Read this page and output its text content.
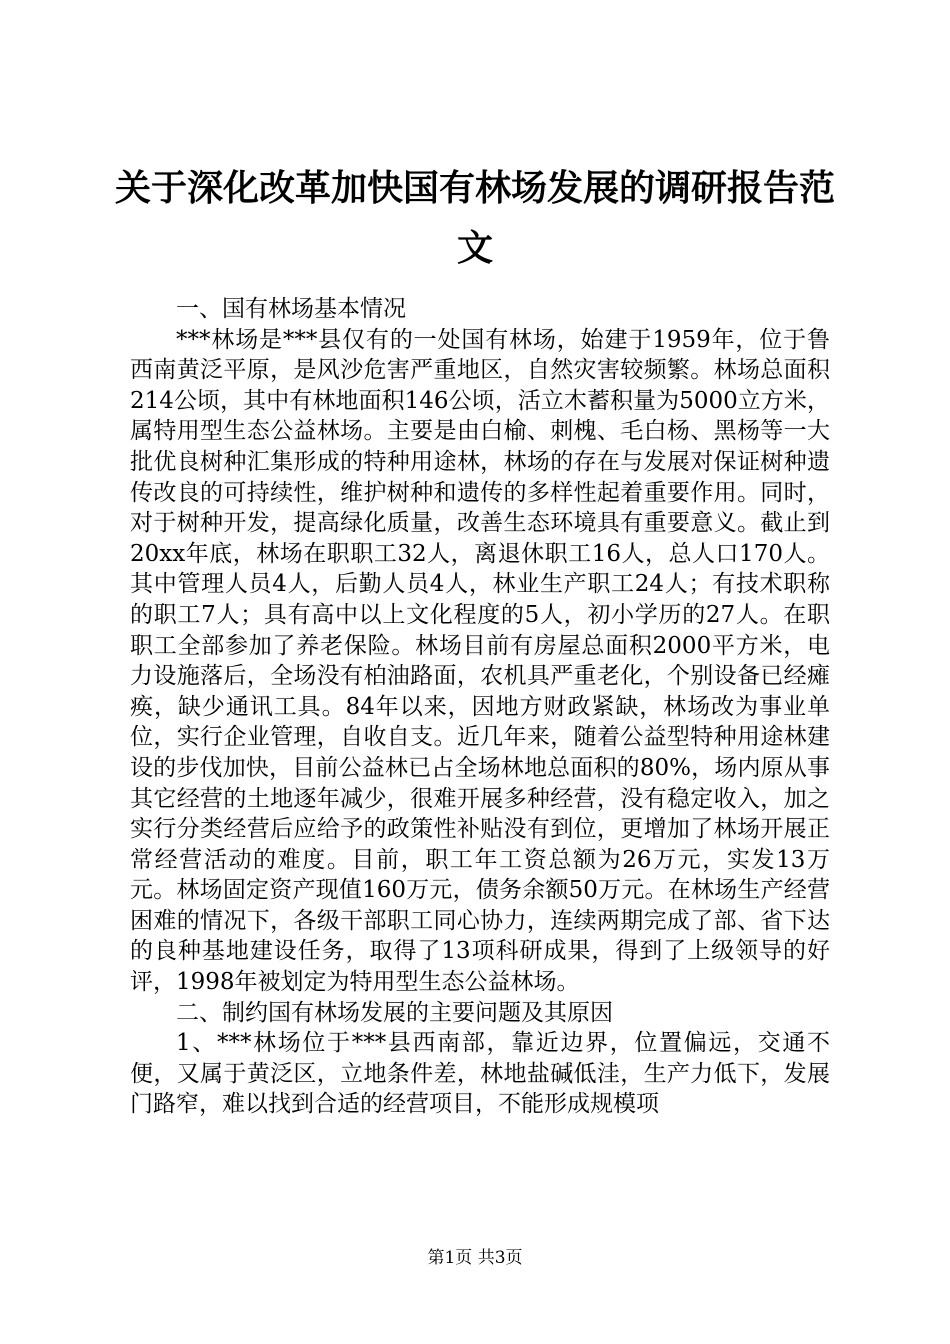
关于深化改革加快国有林场发展的调研报告范文

一、国有林场基本情况

***林场是***县仅有的一处国有林场，始建于1959年，位于鲁西南黄泛平原，是风沙危害严重地区，自然灾害较频繁。林场总面积214公顷，其中有林地面积146公顷，活立木蓄积量为5000立方米，属特用型生态公益林场。主要是由白榆、刺槐、毛白杨、黑杨等一大批优良树种汇集形成的特种用途林，林场的存在与发展对保证树种遗传改良的可持续性，维护树种和遗传的多样性起着重要作用。同时，对于树种开发，提高绿化质量，改善生态环境具有重要意义。截止到20xx年底，林场在职职工32人，离退休职工16人，总人口170人。其中管理人员4人，后勤人员4人，林业生产职工24人；有技术职称的职工7人；具有高中以上文化程度的5人，初小学历的27人。在职职工全部参加了养老保险。林场目前有房屋总面积2000平方米，电力设施落后，全场没有柏油路面，农机具严重老化，个别设备已经瘫痪，缺少通讯工具。84年以来，因地方财政紧缺，林场改为事业单位，实行企业管理，自收自支。近几年来，随着公益型特种用途林建设的步伐加快，目前公益林已占全场林地总面积的80%，场内原从事其它经营的土地逐年减少，很难开展多种经营，没有稳定收入，加之实行分类经营后应给予的政策性补贴没有到位，更增加了林场开展正常经营活动的难度。目前，职工年工资总额为26万元，实发13万元。林场固定资产现值160万元，债务余额50万元。在林场生产经营困难的情况下，各级干部职工同心协力，连续两期完成了部、省下达的良种基地建设任务，取得了13项科研成果，得到了上级领导的好评，1998年被划定为特用型生态公益林场。

二、制约国有林场发展的主要问题及其原因

1、***林场位于***县西南部，靠近边界，位置偏远，交通不便，又属于黄泛区，立地条件差，林地盐碱低洼，生产力低下，发展门路窄，难以找到合适的经营项目，不能形成规模项

第1页 共3页
